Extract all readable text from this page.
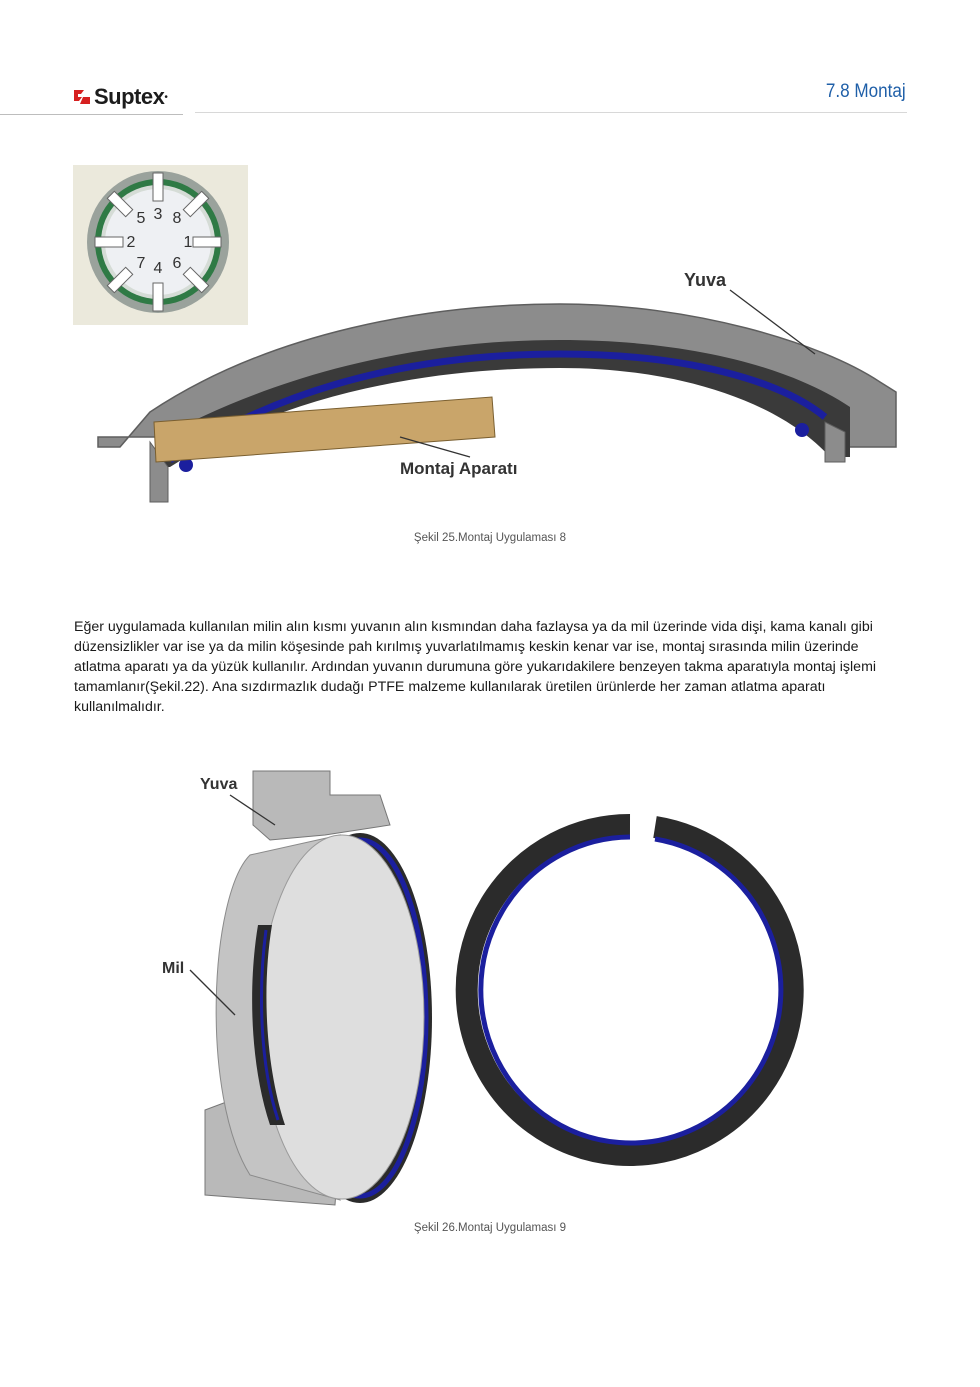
Suptex •	7.8 Montaj
5 3 8
2	1
7 4 6
Yuva
Montaj Aparatı
Şekil 25.Montaj Uygulaması 8

Eğer uygulamada kullanılan milin alın kısmı yuvanın alın kısmından daha fazlaysa ya da mil üzerinde vida dişi, kama kanalı gibi düzensizlikler var ise ya da milin köşesinde pah kırılmış yuvarlatılmamış keskin kenar var ise, montaj sırasında milin üzerinde atlatma aparatı ya da yüzük kullanılır. Ardından yuvanın durumuna göre yukarıdakilere benzeyen takma aparatıyla montaj işlemi tamamlanır(Şekil.22). Ana sızdırmazlık dudağı PTFE malzeme kullanılarak üretilen ürünlerde her zaman atlatma aparatı kullanılmalıdır.

Yuva
Mil
Şekil 26.Montaj Uygulaması 9
